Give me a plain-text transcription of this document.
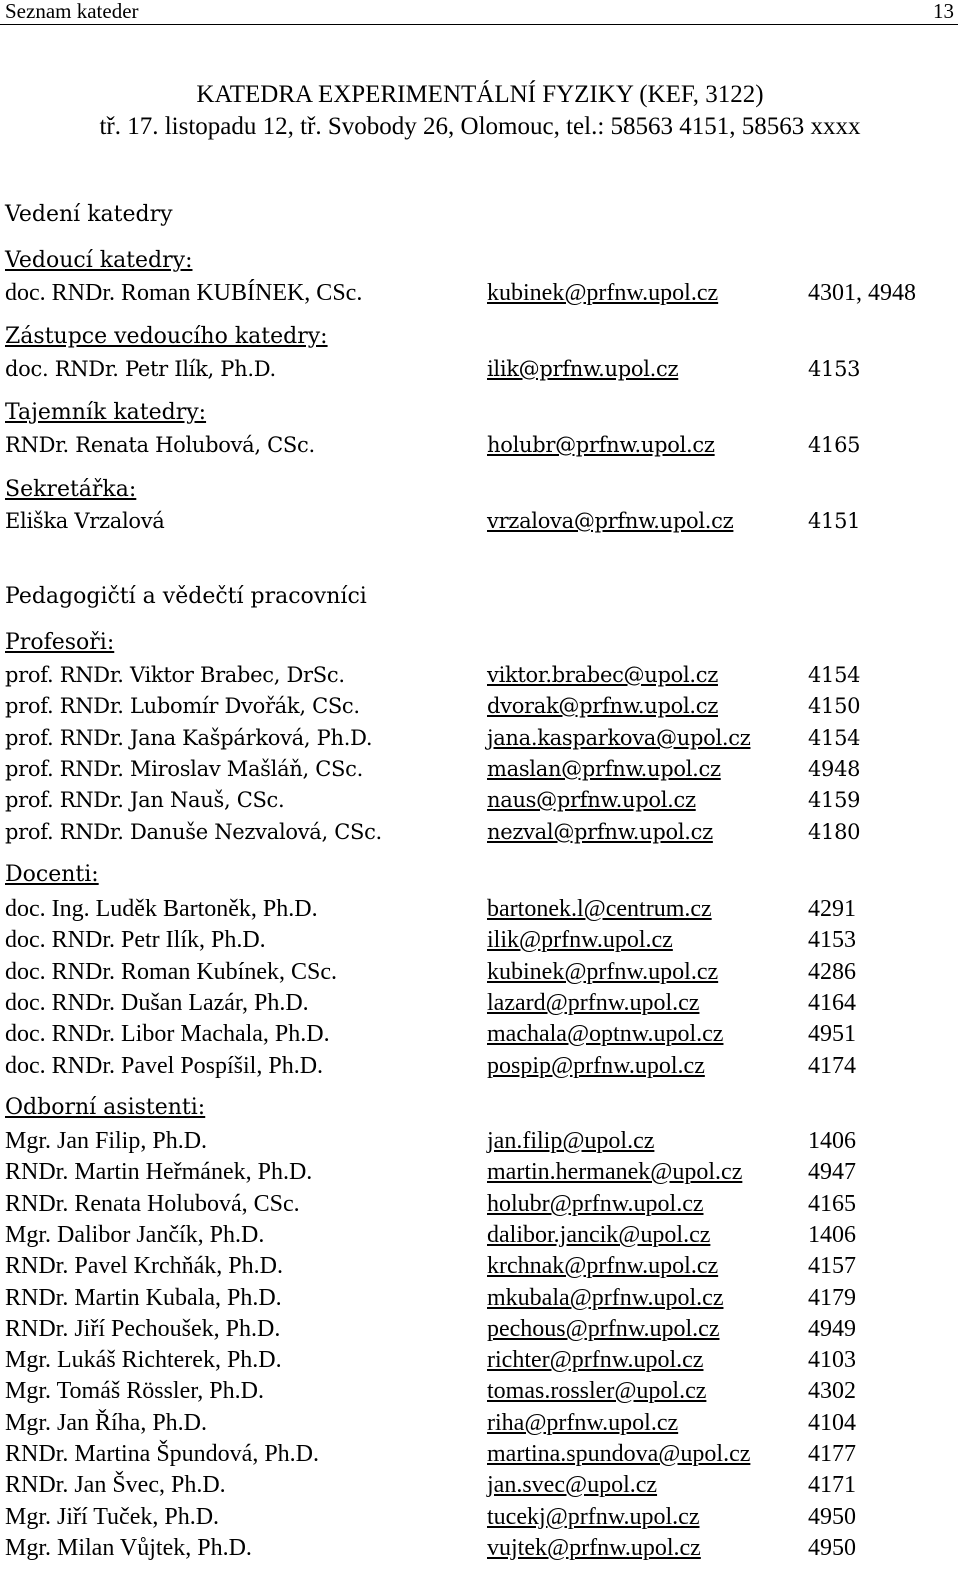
Seznam kateder	13
KATEDRA EXPERIMENTÁLNÍ FYZIKY (KEF, 3122)
tř. 17. listopadu 12, tř. Svobody 26, Olomouc, tel.: 58563 4151, 58563 xxxx
Vedení katedry
Vedoucí katedry:
doc. RNDr. Roman KUBÍNEK, CSc.	kubinek@prfnw.upol.cz	4301, 4948
Zástupce vedoucího katedry:
doc. RNDr. Petr Ilík, Ph.D.	ilik@prfnw.upol.cz	4153
Tajemník katedry:
RNDr. Renata Holubová, CSc.	holubr@prfnw.upol.cz	4165
Sekretářka:
Eliška Vrzalová	vrzalova@prfnw.upol.cz	4151
Pedagogičtí a vědečtí pracovníci
Profesoři:
prof. RNDr. Viktor Brabec, DrSc.	viktor.brabec@upol.cz	4154
prof. RNDr. Lubomír Dvořák, CSc.	dvorak@prfnw.upol.cz	4150
prof. RNDr. Jana Kašpárková, Ph.D.	jana.kasparkova@upol.cz	4154
prof. RNDr. Miroslav Mašláň, CSc.	maslan@prfnw.upol.cz	4948
prof. RNDr. Jan Nauš, CSc.	naus@prfnw.upol.cz	4159
prof. RNDr. Danuše Nezvalová, CSc.	nezval@prfnw.upol.cz	4180
Docenti:
doc. Ing. Luděk Bartoněk, Ph.D.	bartonek.l@centrum.cz	4291
doc. RNDr. Petr Ilík, Ph.D.	ilik@prfnw.upol.cz	4153
doc. RNDr. Roman Kubínek, CSc.	kubinek@prfnw.upol.cz	4286
doc. RNDr. Dušan Lazár, Ph.D.	lazard@prfnw.upol.cz	4164
doc. RNDr. Libor Machala, Ph.D.	machala@optnw.upol.cz	4951
doc. RNDr. Pavel Pospíšil, Ph.D.	pospip@prfnw.upol.cz	4174
Odborní asistenti:
Mgr. Jan Filip, Ph.D.	jan.filip@upol.cz	1406
RNDr. Martin Heřmánek, Ph.D.	martin.hermanek@upol.cz	4947
RNDr. Renata Holubová, CSc.	holubr@prfnw.upol.cz	4165
Mgr. Dalibor Jančík, Ph.D.	dalibor.jancik@upol.cz	1406
RNDr. Pavel Krchňák, Ph.D.	krchnak@prfnw.upol.cz	4157
RNDr. Martin Kubala, Ph.D.	mkubala@prfnw.upol.cz	4179
RNDr. Jiří Pechoušek, Ph.D.	pechous@prfnw.upol.cz	4949
Mgr. Lukáš Richterek, Ph.D.	richter@prfnw.upol.cz	4103
Mgr. Tomáš Rössler, Ph.D.	tomas.rossler@upol.cz	4302
Mgr. Jan Říha, Ph.D.	riha@prfnw.upol.cz	4104
RNDr. Martina Špundová, Ph.D.	martina.spundova@upol.cz 4177
RNDr. Jan Švec, Ph.D.	jan.svec@upol.cz	4171
Mgr. Jiří Tuček, Ph.D.	tucekj@prfnw.upol.cz	4950
Mgr. Milan Vůjtek, Ph.D.	vujtek@prfnw.upol.cz	4950
